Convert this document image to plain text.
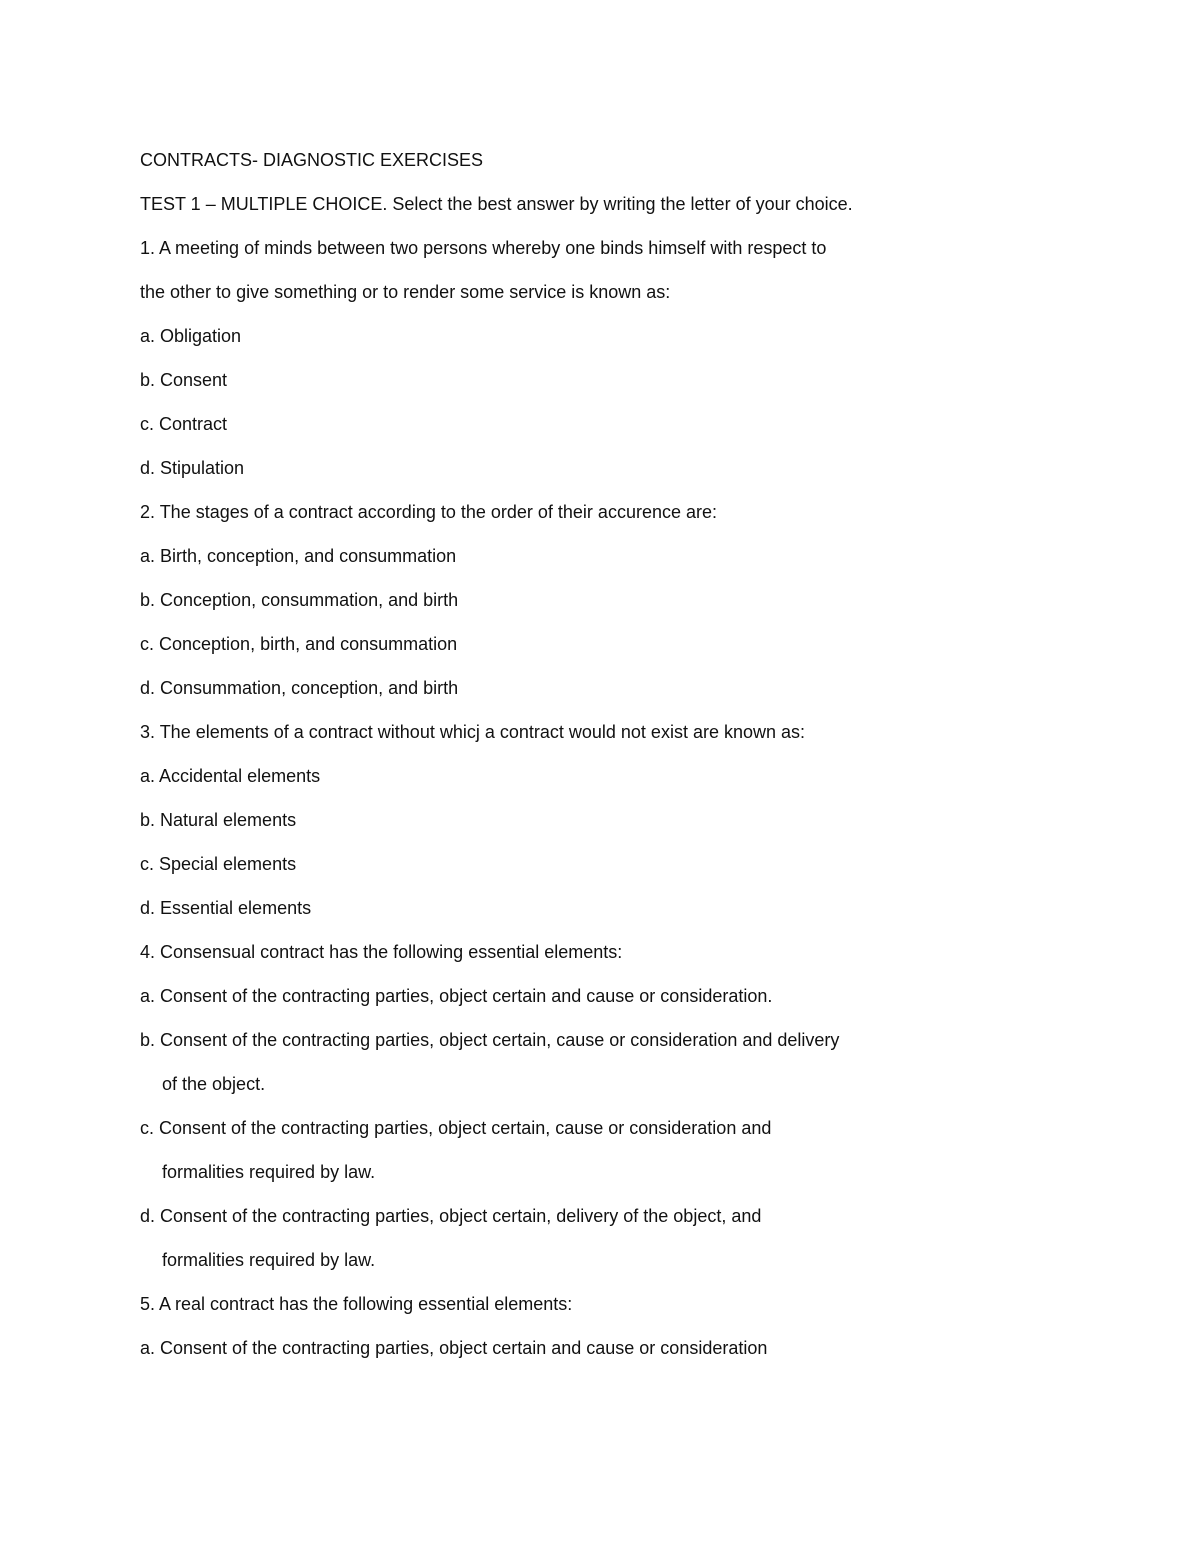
CONTRACTS- DIAGNOSTIC EXERCISES
TEST 1 – MULTIPLE CHOICE. Select the best answer by writing the letter of your choice.
1. A meeting of minds between two persons whereby one binds himself with respect to
the other to give something or to render some service is known as:
a. Obligation
b. Consent
c. Contract
d. Stipulation
2. The stages of a contract according to the order of their accurence are:
a. Birth, conception, and consummation
b. Conception, consummation, and birth
c. Conception, birth, and consummation
d. Consummation, conception, and birth
3. The elements of a contract without whicj a contract would not exist are known as:
a. Accidental elements
b. Natural elements
c. Special elements
d. Essential elements
4. Consensual contract has the following essential elements:
a. Consent of the contracting parties, object certain and cause or consideration.
b. Consent of the contracting parties, object certain, cause or consideration and delivery
of the object.
c. Consent of the contracting parties, object certain, cause or consideration and
formalities required by law.
d. Consent of the contracting parties, object certain, delivery of the object, and
formalities required by law.
5. A real contract has the following essential elements:
a. Consent of the contracting parties, object certain and cause or consideration
